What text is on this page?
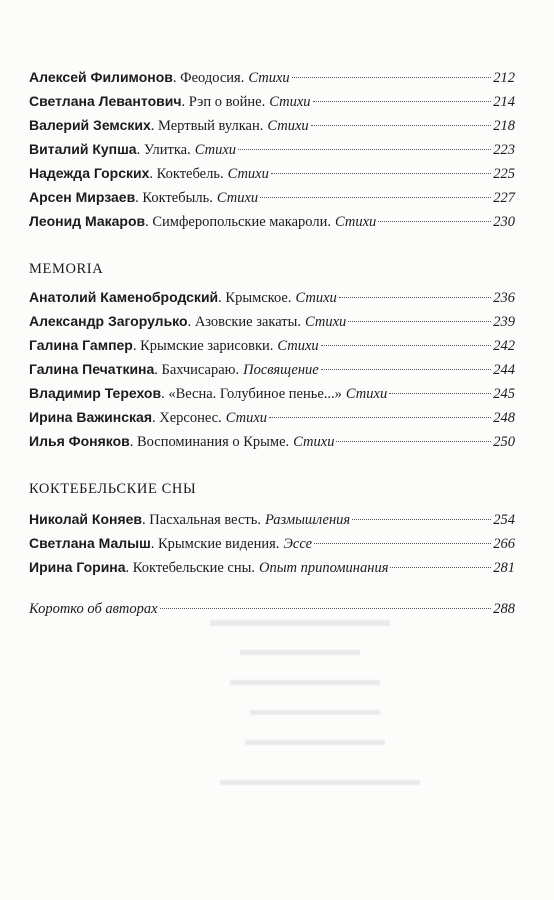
Алексей Филимонов . Феодосия. Стихи	212
Светлана Левантович . Рэп о войне. Стихи	214
Валерий Земских . Мертвый вулкан. Стихи	218
Виталий Купша . Улитка. Стихи	223
Надежда Горских . Коктебель. Стихи	225
Арсен Мирзаев . Коктебыль. Стихи	227
Леонид Макаров . Симферопольские макароли. Стихи	230
MEMORIA
Анатолий Каменобродский . Крымское. Стихи	236
Александр Загорулько . Азовские закаты. Стихи	239
Галина Гампер . Крымские зарисовки. Стихи	242
Галина Печаткина . Бахчисараю. Посвящение	244
Владимир Терехов . «Весна. Голубиное пенье...» Стихи	245
Ирина Важинская . Херсонес. Стихи	248
Илья Фоняков . Воспоминания о Крыме. Стихи	250
КОКТЕБЕЛЬСКИЕ СНЫ
Николай Коняев . Пасхальная весть. Размышления	254
Светлана Малыш . Крымские видения. Эссе	266
Ирина Горина . Коктебельские сны. Опыт припоминания	281
Коротко об авторах	288
